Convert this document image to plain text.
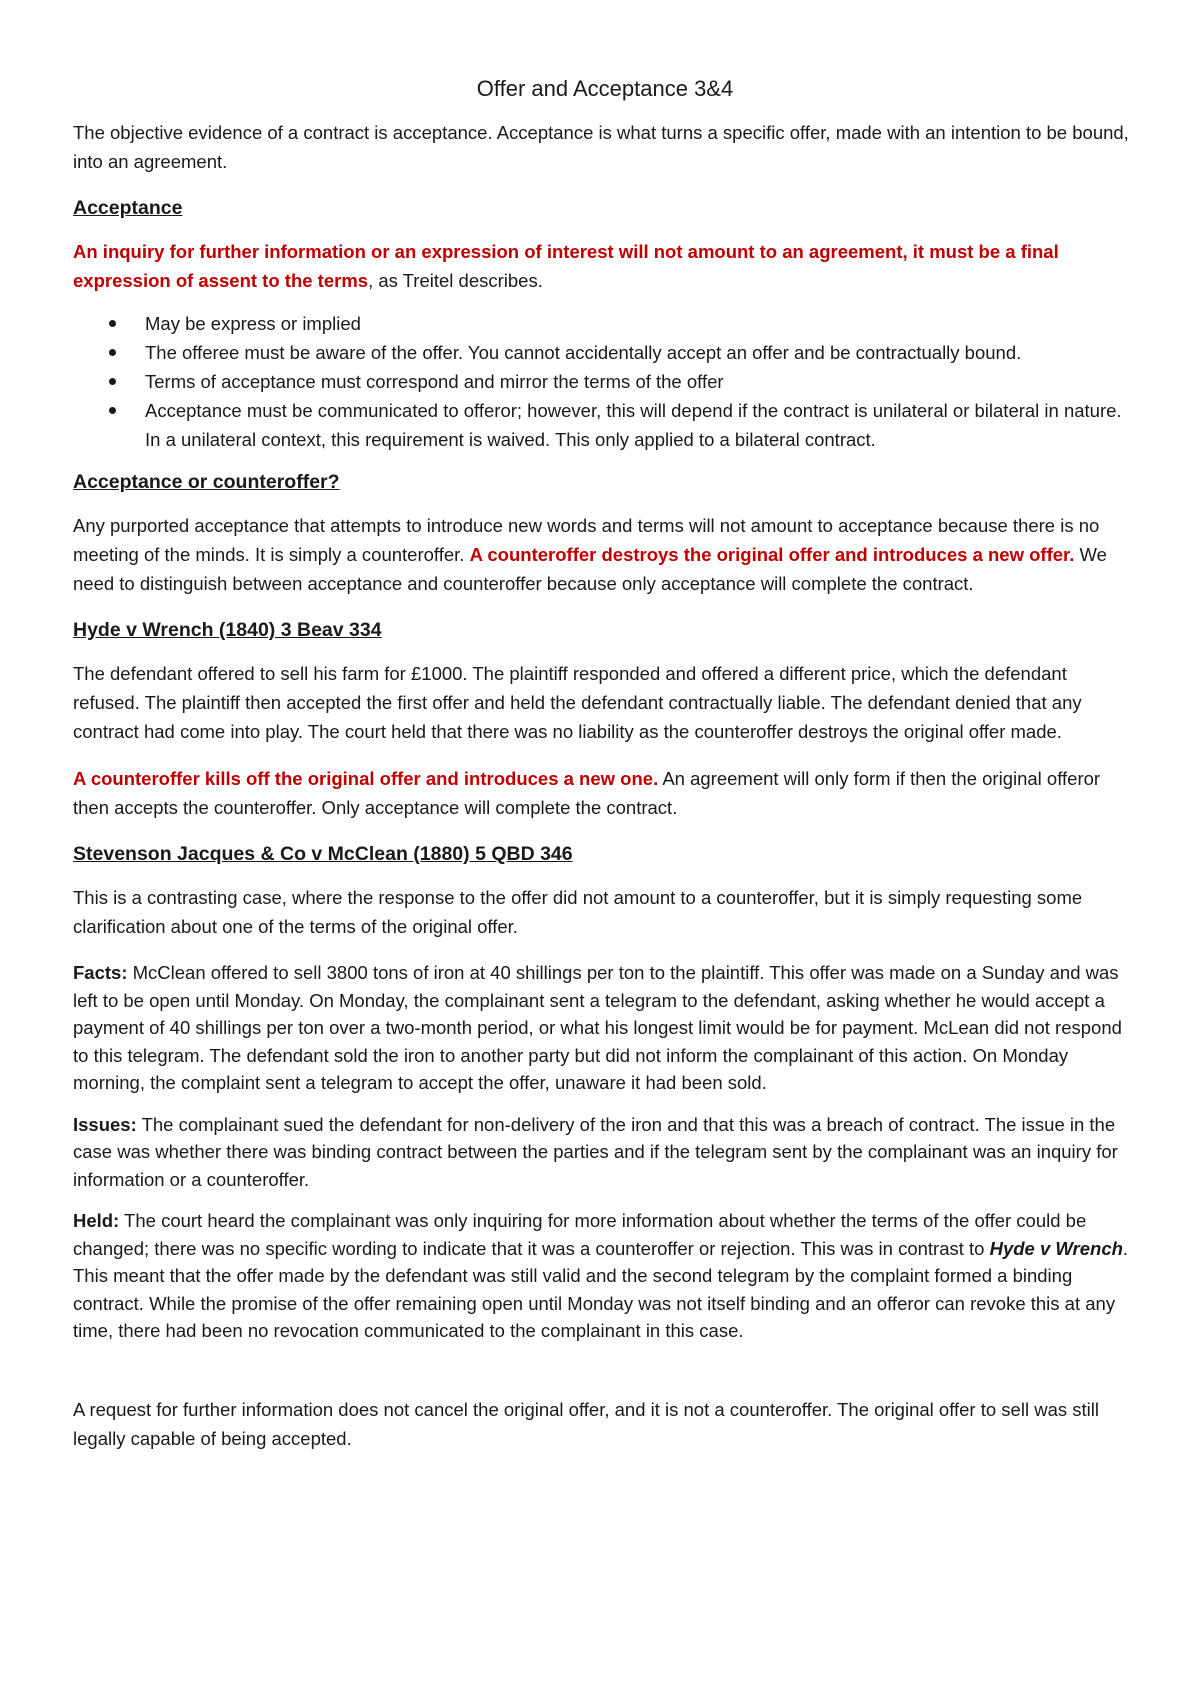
Offer and Acceptance 3&4

The objective evidence of a contract is acceptance. Acceptance is what turns a specific offer, made with an intention to be bound, into an agreement.

Acceptance

An inquiry for further information or an expression of interest will not amount to an agreement, it must be a final expression of assent to the terms, as Treitel describes.

May be express or implied
The offeree must be aware of the offer. You cannot accidentally accept an offer and be contractually bound.
Terms of acceptance must correspond and mirror the terms of the offer
Acceptance must be communicated to offeror; however, this will depend if the contract is unilateral or bilateral in nature. In a unilateral context, this requirement is waived. This only applied to a bilateral contract.
Acceptance or counteroffer?

Any purported acceptance that attempts to introduce new words and terms will not amount to acceptance because there is no meeting of the minds. It is simply a counteroffer. A counteroffer destroys the original offer and introduces a new offer. We need to distinguish between acceptance and counteroffer because only acceptance will complete the contract.

Hyde v Wrench (1840) 3 Beav 334

The defendant offered to sell his farm for £1000. The plaintiff responded and offered a different price, which the defendant refused. The plaintiff then accepted the first offer and held the defendant contractually liable. The defendant denied that any contract had come into play. The court held that there was no liability as the counteroffer destroys the original offer made.

A counteroffer kills off the original offer and introduces a new one. An agreement will only form if then the original offeror then accepts the counteroffer. Only acceptance will complete the contract.

Stevenson Jacques & Co v McClean (1880) 5 QBD 346

This is a contrasting case, where the response to the offer did not amount to a counteroffer, but it is simply requesting some clarification about one of the terms of the original offer.

Facts: McClean offered to sell 3800 tons of iron at 40 shillings per ton to the plaintiff. This offer was made on a Sunday and was left to be open until Monday. On Monday, the complainant sent a telegram to the defendant, asking whether he would accept a payment of 40 shillings per ton over a two-month period, or what his longest limit would be for payment. McLean did not respond to this telegram. The defendant sold the iron to another party but did not inform the complainant of this action. On Monday morning, the complaint sent a telegram to accept the offer, unaware it had been sold.

Issues: The complainant sued the defendant for non-delivery of the iron and that this was a breach of contract. The issue in the case was whether there was binding contract between the parties and if the telegram sent by the complainant was an inquiry for information or a counteroffer.

Held: The court heard the complainant was only inquiring for more information about whether the terms of the offer could be changed; there was no specific wording to indicate that it was a counteroffer or rejection. This was in contrast to Hyde v Wrench. This meant that the offer made by the defendant was still valid and the second telegram by the complaint formed a binding contract. While the promise of the offer remaining open until Monday was not itself binding and an offeror can revoke this at any time, there had been no revocation communicated to the complainant in this case.

A request for further information does not cancel the original offer, and it is not a counteroffer. The original offer to sell was still legally capable of being accepted.
